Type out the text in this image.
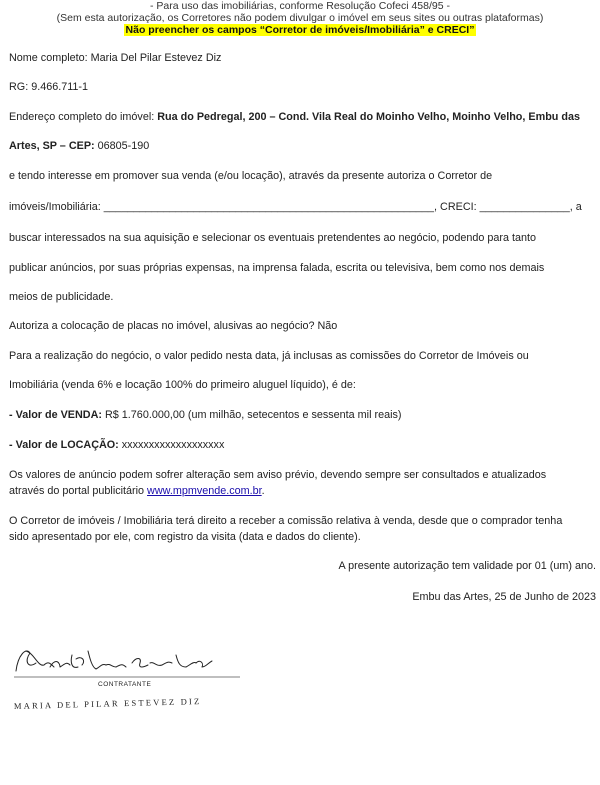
- Para uso das imobiliárias, conforme Resolução Cofeci 458/95 -
(Sem esta autorização, os Corretores não podem divulgar o imóvel em seus sites ou outras plataformas)
Não preencher os campos “Corretor de imóveis/Imobiliária” e CRECI”
Nome completo: Maria Del Pilar Estevez Diz
RG: 9.466.711-1
Endereço completo do imóvel: Rua do Pedregal, 200 – Cond. Vila Real do Moinho Velho, Moinho Velho, Embu das
Artes, SP – CEP: 06805-190
e tendo interesse em promover sua venda (e/ou locação), através da presente autoriza o Corretor de
imóveis/Imobiliária: _______________________________________________________, CRECI: _______________, a
buscar interessados na sua aquisição e selecionar os eventuais pretendentes ao negócio, podendo para tanto
publicar anúncios, por suas próprias expensas, na imprensa falada, escrita ou televisiva, bem como nos demais
meios de publicidade.
Autoriza a colocação de placas no imóvel, alusivas ao negócio? Não
Para a realização do negócio, o valor pedido nesta data, já inclusas as comissões do Corretor de Imóveis ou
Imobiliária (venda 6% e locação 100% do primeiro aluguel líquido), é de:
- Valor de VENDA: R$ 1.760.000,00 (um milhão, setecentos e sessenta mil reais)
- Valor de LOCAÇÃO: xxxxxxxxxxxxxxxxxxx
Os valores de anúncio podem sofrer alteração sem aviso prévio, devendo sempre ser consultados e atualizados
através do portal publicitário www.mpmvende.com.br.
O Corretor de imóveis / Imobiliária terá direito a receber a comissão relativa à venda, desde que o comprador tenha
sido apresentado por ele, com registro da visita (data e dados do cliente).
A presente autorização tem validade por 01 (um) ano.
Embu das Artes, 25 de Junho de 2023
CONTRATANTE
MARIA DEL PILAR ESTEVEZ DIZ
